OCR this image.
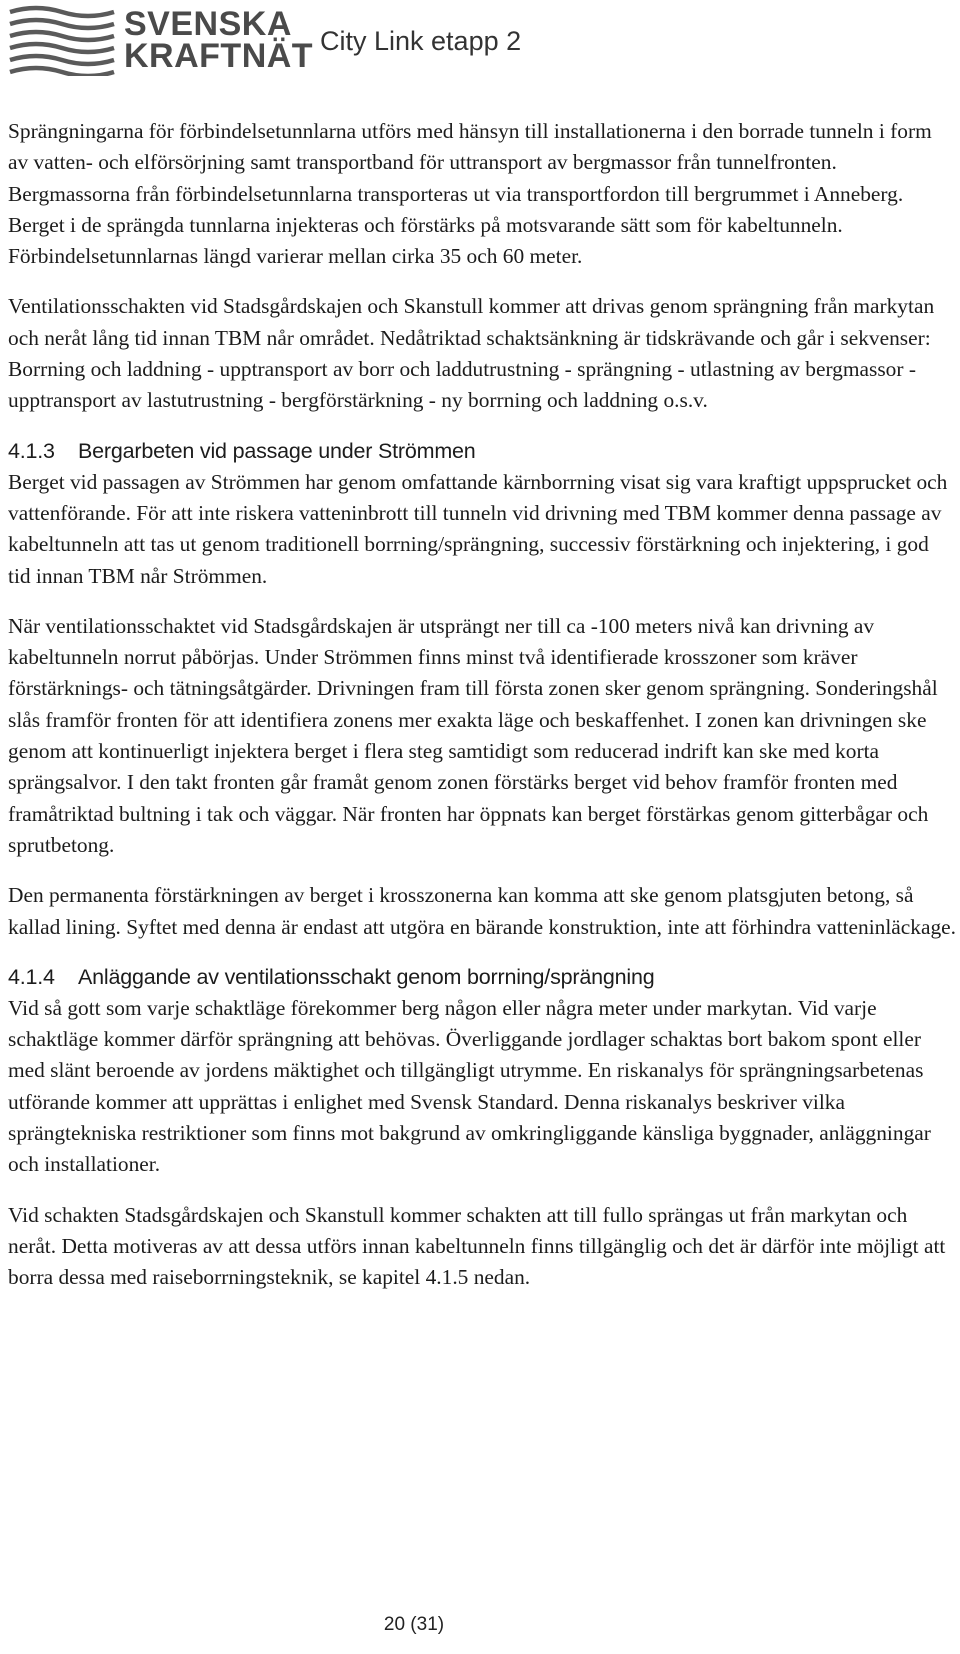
SVENSKA
KRAFTNÄT City Link etapp 2

Sprängningarna för förbindelsetunnlarna utförs med hänsyn till installationerna i den borrade tunneln i form av vatten- och elförsörjning samt transportband för uttransport av bergmassor från tunnelfronten. Bergmassorna från förbindelsetunnlarna transporteras ut via transportfordon till bergrummet i Anneberg. Berget i de sprängda tunnlarna injekteras och förstärks på motsvarande sätt som för kabeltunneln. Förbindelsetunnlarnas längd varierar mellan cirka 35 och 60 meter.

Ventilationsschakten vid Stadsgårdskajen och Skanstull kommer att drivas genom sprängning från markytan och neråt lång tid innan TBM når området. Nedåtriktad schaktsänkning är tidskrävande och går i sekvenser: Borrning och laddning - upptransport av borr och laddutrustning - sprängning - utlastning av bergmassor -upptransport av lastutrustning - bergförstärkning - ny borrning och laddning o.s.v.

4.1.3 Bergarbeten vid passage under Strömmen

Berget vid passagen av Strömmen har genom omfattande kärnborrning visat sig vara kraftigt uppsprucket och vattenförande. För att inte riskera vatteninbrott till tunneln vid drivning med TBM kommer denna passage av kabeltunneln att tas ut genom traditionell borrning/sprängning, successiv förstärkning och injektering, i god tid innan TBM når Strömmen.

När ventilationsschaktet vid Stadsgårdskajen är utsprängt ner till ca -100 meters nivå kan drivning av kabeltunneln norrut påbörjas. Under Strömmen finns minst två identifierade krosszoner som kräver förstärknings- och tätningsåtgärder. Drivningen fram till första zonen sker genom sprängning. Sonderingshål slås framför fronten för att identifiera zonens mer exakta läge och beskaffenhet. I zonen kan drivningen ske genom att kontinuerligt injektera berget i flera steg samtidigt som reducerad indrift kan ske med korta sprängsalvor. I den takt fronten går framåt genom zonen förstärks berget vid behov framför fronten med framåtriktad bultning i tak och väggar. När fronten har öppnats kan berget förstärkas genom gitterbågar och sprutbetong.

Den permanenta förstärkningen av berget i krosszonerna kan komma att ske genom platsgjuten betong, så kallad lining. Syftet med denna är endast att utgöra en bärande konstruktion, inte att förhindra vatteninläckage.

4.1.4 Anläggande av ventilationsschakt genom borrning/sprängning

Vid så gott som varje schaktläge förekommer berg någon eller några meter under markytan. Vid varje schaktläge kommer därför sprängning att behövas. Överliggande jordlager schaktas bort bakom spont eller med slänt beroende av jordens mäktighet och tillgängligt utrymme. En riskanalys för sprängningsarbetenas utförande kommer att upprättas i enlighet med Svensk Standard. Denna riskanalys beskriver vilka sprängtekniska restriktioner som finns mot bakgrund av omkringliggande känsliga byggnader, anläggningar och installationer.

Vid schakten Stadsgårdskajen och Skanstull kommer schakten att till fullo sprängas ut från markytan och neråt. Detta motiveras av att dessa utförs innan kabeltunneln finns tillgänglig och det är därför inte möjligt att borra dessa med raiseborrningsteknik, se kapitel 4.1.5 nedan.

20 (31)
